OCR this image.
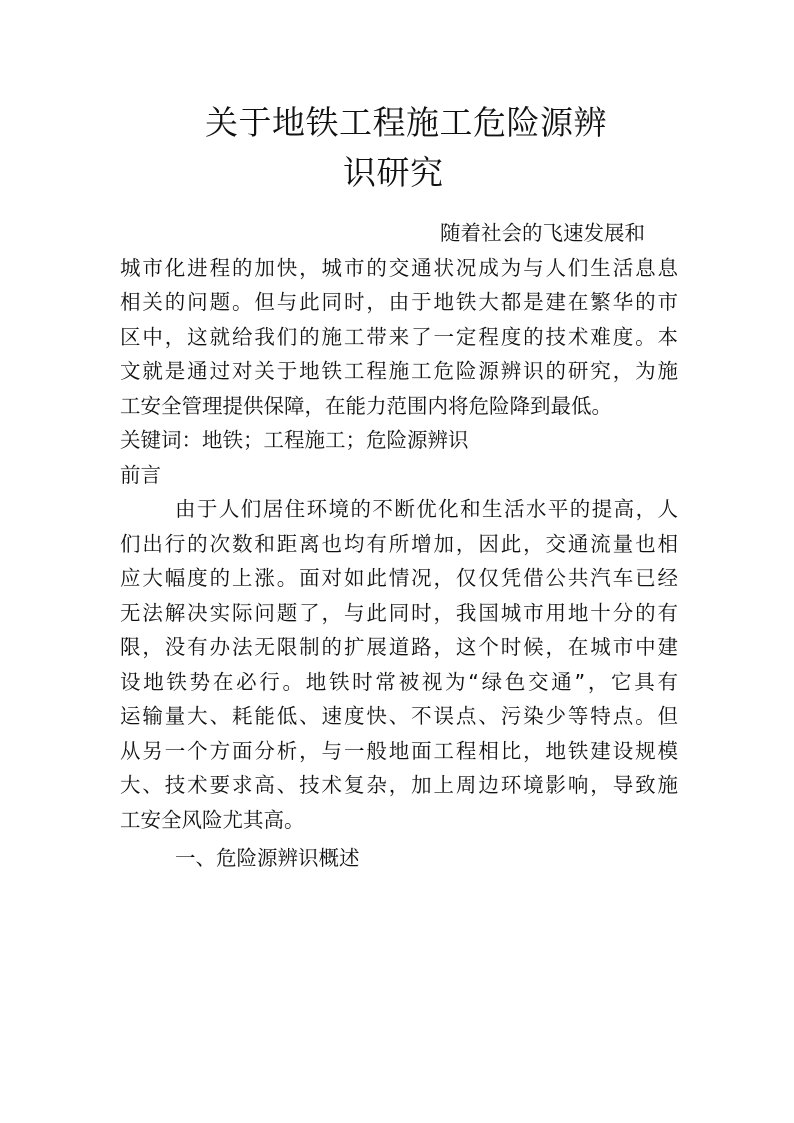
关于地铁工程施工危险源辨
识研究
随着社会的飞速发展和
城市化进程的加快，城市的交通状况成为与人们生活息息
相关的问题。但与此同时，由于地铁大都是建在繁华的市
区中，这就给我们的施工带来了一定程度的技术难度。本
文就是通过对关于地铁工程施工危险源辨识的研究，为施
工安全管理提供保障，在能力范围内将危险降到最低。
关键词：地铁；工程施工；危险源辨识
前言
由于人们居住环境的不断优化和生活水平的提高，人
们出行的次数和距离也均有所增加，因此，交通流量也相
应大幅度的上涨。面对如此情况，仅仅凭借公共汽车已经
无法解决实际问题了，与此同时，我国城市用地十分的有
限，没有办法无限制的扩展道路，这个时候，在城市中建
设地铁势在必行。地铁时常被视为“绿色交通”，它具有
运输量大、耗能低、速度快、不误点、污染少等特点。但
从另一个方面分析，与一般地面工程相比，地铁建设规模
大、技术要求高、技术复杂，加上周边环境影响，导致施
工安全风险尤其高。
一、危险源辨识概述
